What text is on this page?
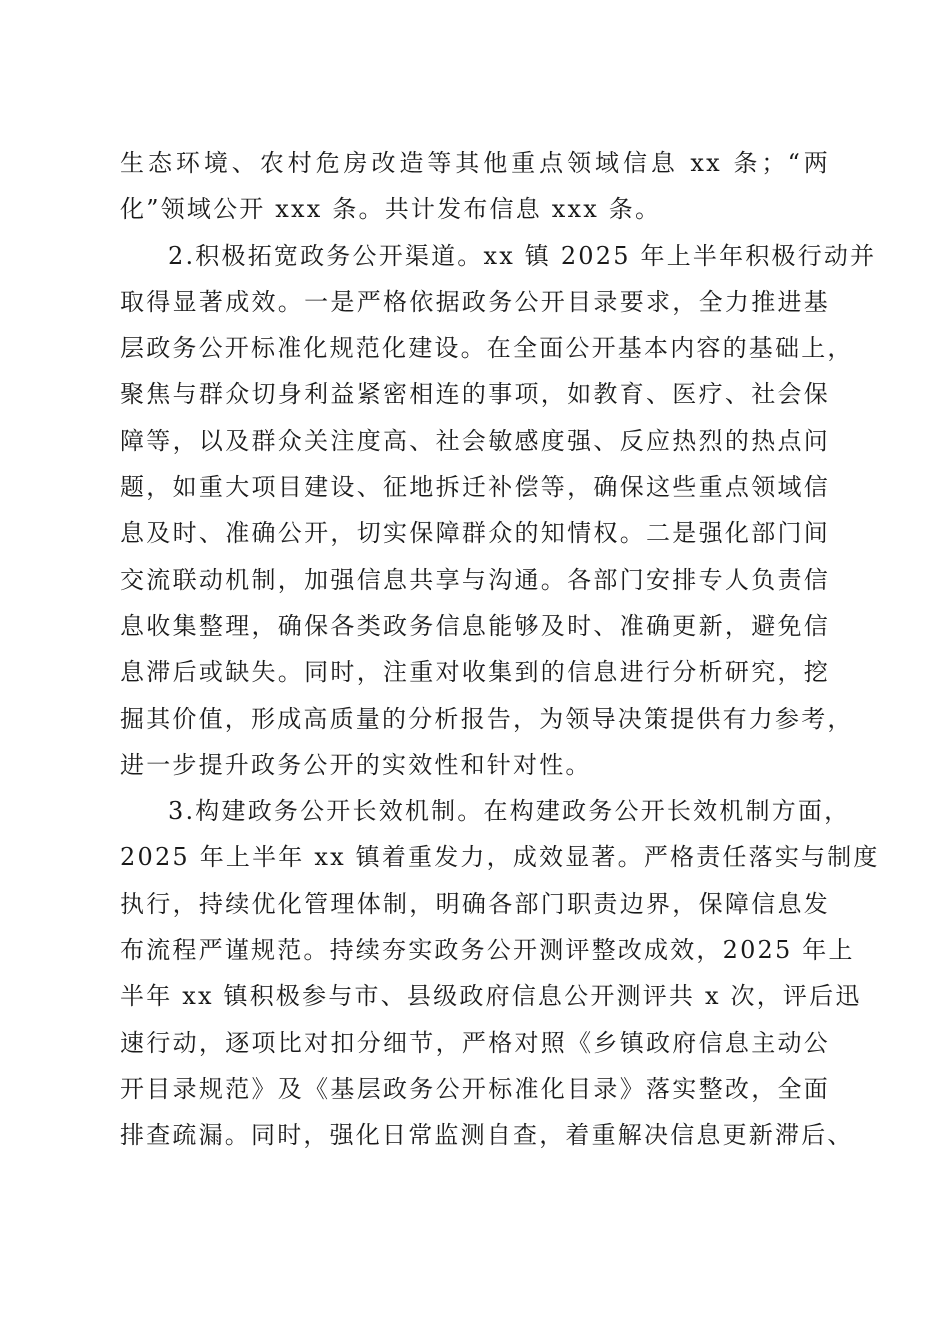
生态环境、农村危房改造等其他重点领域信息 xx 条；“两
化”领域公开 xxx 条。共计发布信息 xxx 条。

2.积极拓宽政务公开渠道。xx 镇 2025 年上半年积极行动并
取得显著成效。一是严格依据政务公开目录要求，全力推进基
层政务公开标准化规范化建设。在全面公开基本内容的基础上，
聚焦与群众切身利益紧密相连的事项，如教育、医疗、社会保
障等，以及群众关注度高、社会敏感度强、反应热烈的热点问
题，如重大项目建设、征地拆迁补偿等，确保这些重点领域信
息及时、准确公开，切实保障群众的知情权。二是强化部门间
交流联动机制，加强信息共享与沟通。各部门安排专人负责信
息收集整理，确保各类政务信息能够及时、准确更新，避免信
息滞后或缺失。同时，注重对收集到的信息进行分析研究，挖
掘其价值，形成高质量的分析报告，为领导决策提供有力参考，
进一步提升政务公开的实效性和针对性。

3.构建政务公开长效机制。在构建政务公开长效机制方面，
2025 年上半年 xx 镇着重发力，成效显著。严格责任落实与制度
执行，持续优化管理体制，明确各部门职责边界，保障信息发
布流程严谨规范。持续夯实政务公开测评整改成效，2025 年上
半年 xx 镇积极参与市、县级政府信息公开测评共 x 次，评后迅
速行动，逐项比对扣分细节，严格对照《乡镇政府信息主动公
开目录规范》及《基层政务公开标准化目录》落实整改，全面
排查疏漏。同时，强化日常监测自查，着重解决信息更新滞后、
